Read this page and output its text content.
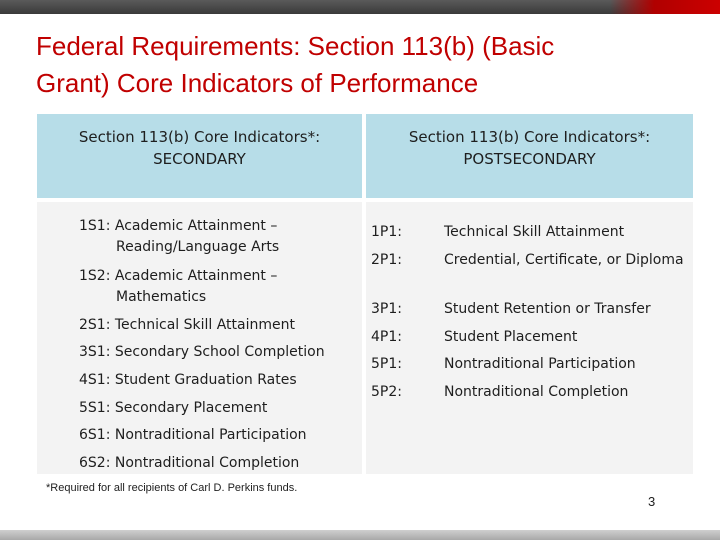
Federal Requirements: Section 113(b) (Basic
Grant) Core Indicators of Performance
Section 113(b) Core Indicators*:
SECONDARY
Section 113(b) Core Indicators*:
POSTSECONDARY
1S1: Academic Attainment –
Reading/Language Arts
1S2: Academic Attainment –
Mathematics
2S1: Technical Skill Attainment
3S1: Secondary School Completion
4S1: Student Graduation Rates
5S1: Secondary Placement
6S1: Nontraditional Participation
6S2: Nontraditional Completion
1P1:	Technical Skill Attainment
2P1:	Credential, Certificate, or Diploma
3P1:	Student Retention or Transfer
4P1:	Student Placement
5P1:	Nontraditional Participation
5P2:	Nontraditional Completion
*Required for all recipients of Carl D. Perkins funds.
3
